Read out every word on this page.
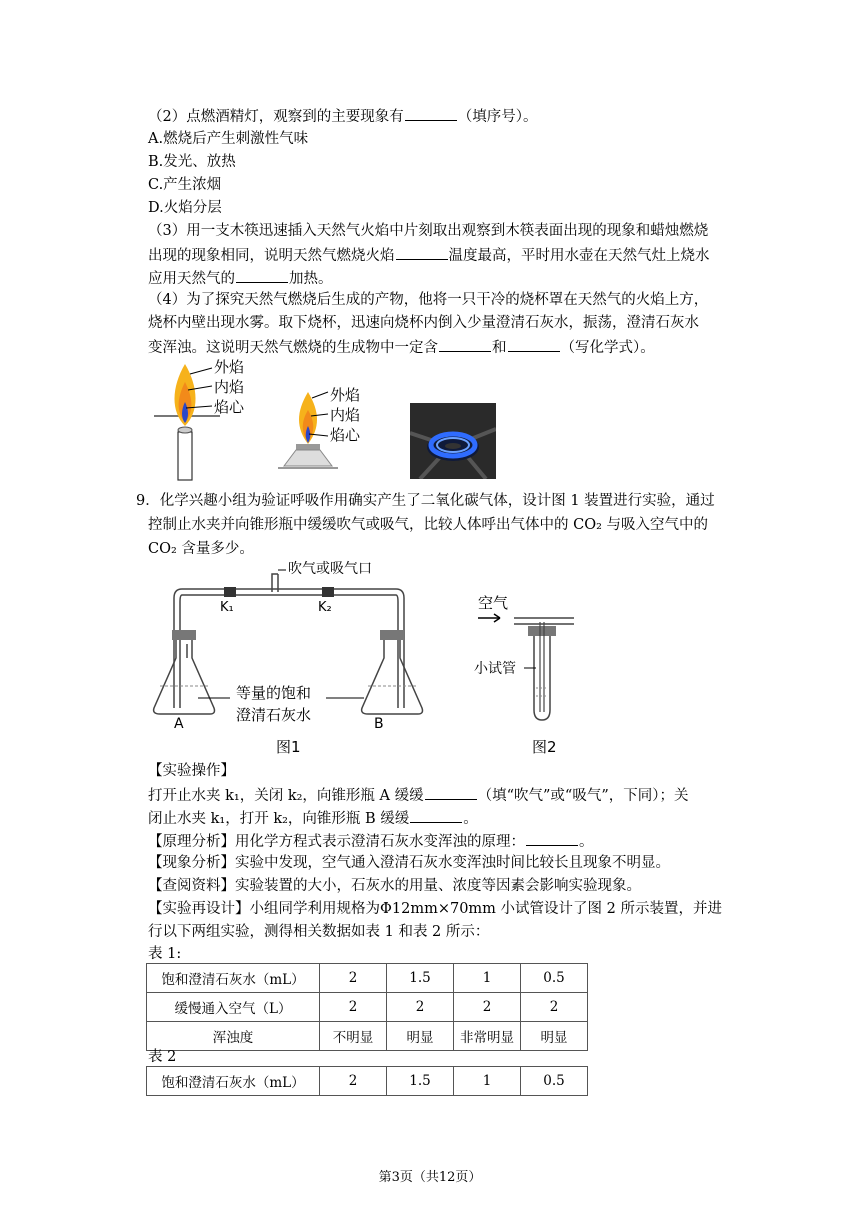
（2）点燃酒精灯，观察到的主要现象有	（填序号）。
A.燃烧后产生刺激性气味
B.发光、放热
C.产生浓烟
D.火焰分层
（3）用一支木筷迅速插入天然气火焰中片刻取出观察到木筷表面出现的现象和蜡烛燃烧
出现的现象相同，说明天然气燃烧火焰	温度最高，平时用水壶在天然气灶上烧水
应用天然气的	加热。
（4）为了探究天然气燃烧后生成的产物，他将一只干冷的烧杯罩在天然气的火焰上方，
烧杯内壁出现水雾。取下烧杯，迅速向烧杯内倒入少量澄清石灰水，振荡，澄清石灰水
变浑浊。这说明天然气燃烧的生成物中一定含	和	（写化学式）。
外焰
内焰
焰心
外焰
内焰
焰心
9．化学兴趣小组为验证呼吸作用确实产生了二氧化碳气体，设计图 1 装置进行实验，通过
控制止水夹并向锥形瓶中缓缓吹气或吸气，比较人体呼出气体中的 CO₂ 与吸入空气中的
CO₂ 含量多少。
吹气或吸气口
K₁	K₂
等量的饱和
澄清石灰水
A	B
图1
空气
小试管
图2
【实验操作】
打开止水夹 k₁，关闭 k₂，向锥形瓶 A 缓缓	（填“吹气”或“吸气”，下同）；关
闭止水夹 k₁，打开 k₂，向锥形瓶 B 缓缓	。
【原理分析】用化学方程式表示澄清石灰水变浑浊的原理：	。
【现象分析】实验中发现，空气通入澄清石灰水变浑浊时间比较长且现象不明显。
【查阅资料】实验装置的大小，石灰水的用量、浓度等因素会影响实验现象。
【实验再设计】小组同学利用规格为Φ12mm×70mm 小试管设计了图 2 所示装置，并进
行以下两组实验，测得相关数据如表 1 和表 2 所示：
表 1:
饱和澄清石灰水（mL）	2	1.5	1	0.5
缓慢通入空气（L）	2	2	2	2
浑浊度	不明显	明显	非常明显	明显
表 2
饱和澄清石灰水（mL）	2	1.5	1	0.5
第3页（共12页）
